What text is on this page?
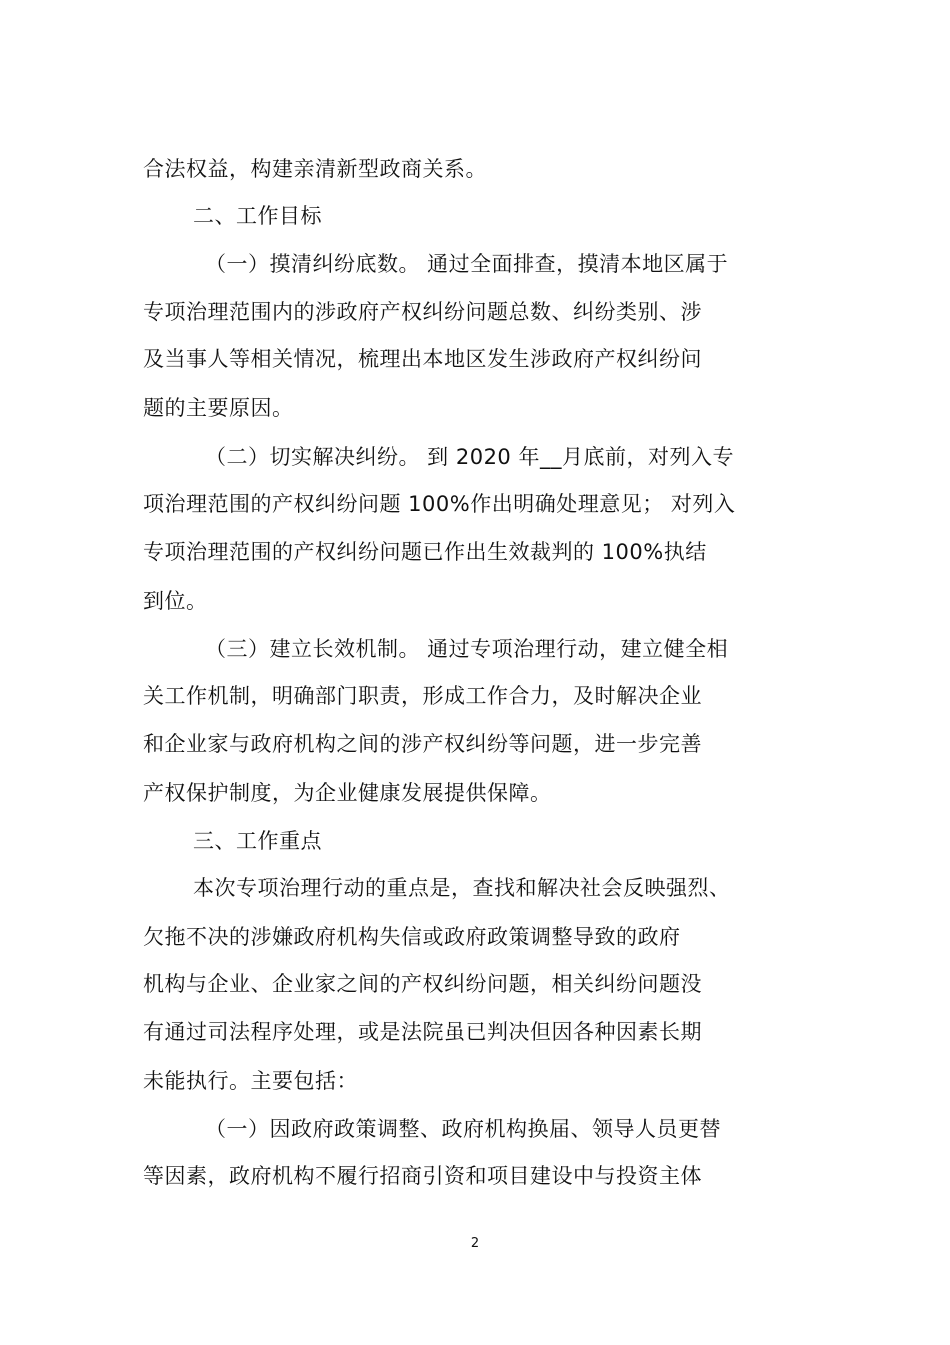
合法权益，构建亲清新型政商关系。
二、工作目标
（一）摸清纠纷底数。 通过全面排查，摸清本地区属于
专项治理范围内的涉政府产权纠纷问题总数、纠纷类别、涉
及当事人等相关情况，梳理出本地区发生涉政府产权纠纷问
题的主要原因。
（二）切实解决纠纷。 到 2020 年__月底前，对列入专
项治理范围的产权纠纷问题 100%作出明确处理意见； 对列入
专项治理范围的产权纠纷问题已作出生效裁判的 100%执结
到位。
（三）建立长效机制。 通过专项治理行动，建立健全相
关工作机制，明确部门职责，形成工作合力，及时解决企业
和企业家与政府机构之间的涉产权纠纷等问题，进一步完善
产权保护制度，为企业健康发展提供保障。
三、工作重点
本次专项治理行动的重点是，查找和解决社会反映强烈、
欠拖不决的涉嫌政府机构失信或政府政策调整导致的政府
机构与企业、企业家之间的产权纠纷问题，相关纠纷问题没
有通过司法程序处理，或是法院虽已判决但因各种因素长期
未能执行。主要包括：
（一）因政府政策调整、政府机构换届、领导人员更替
等因素，政府机构不履行招商引资和项目建设中与投资主体
2
